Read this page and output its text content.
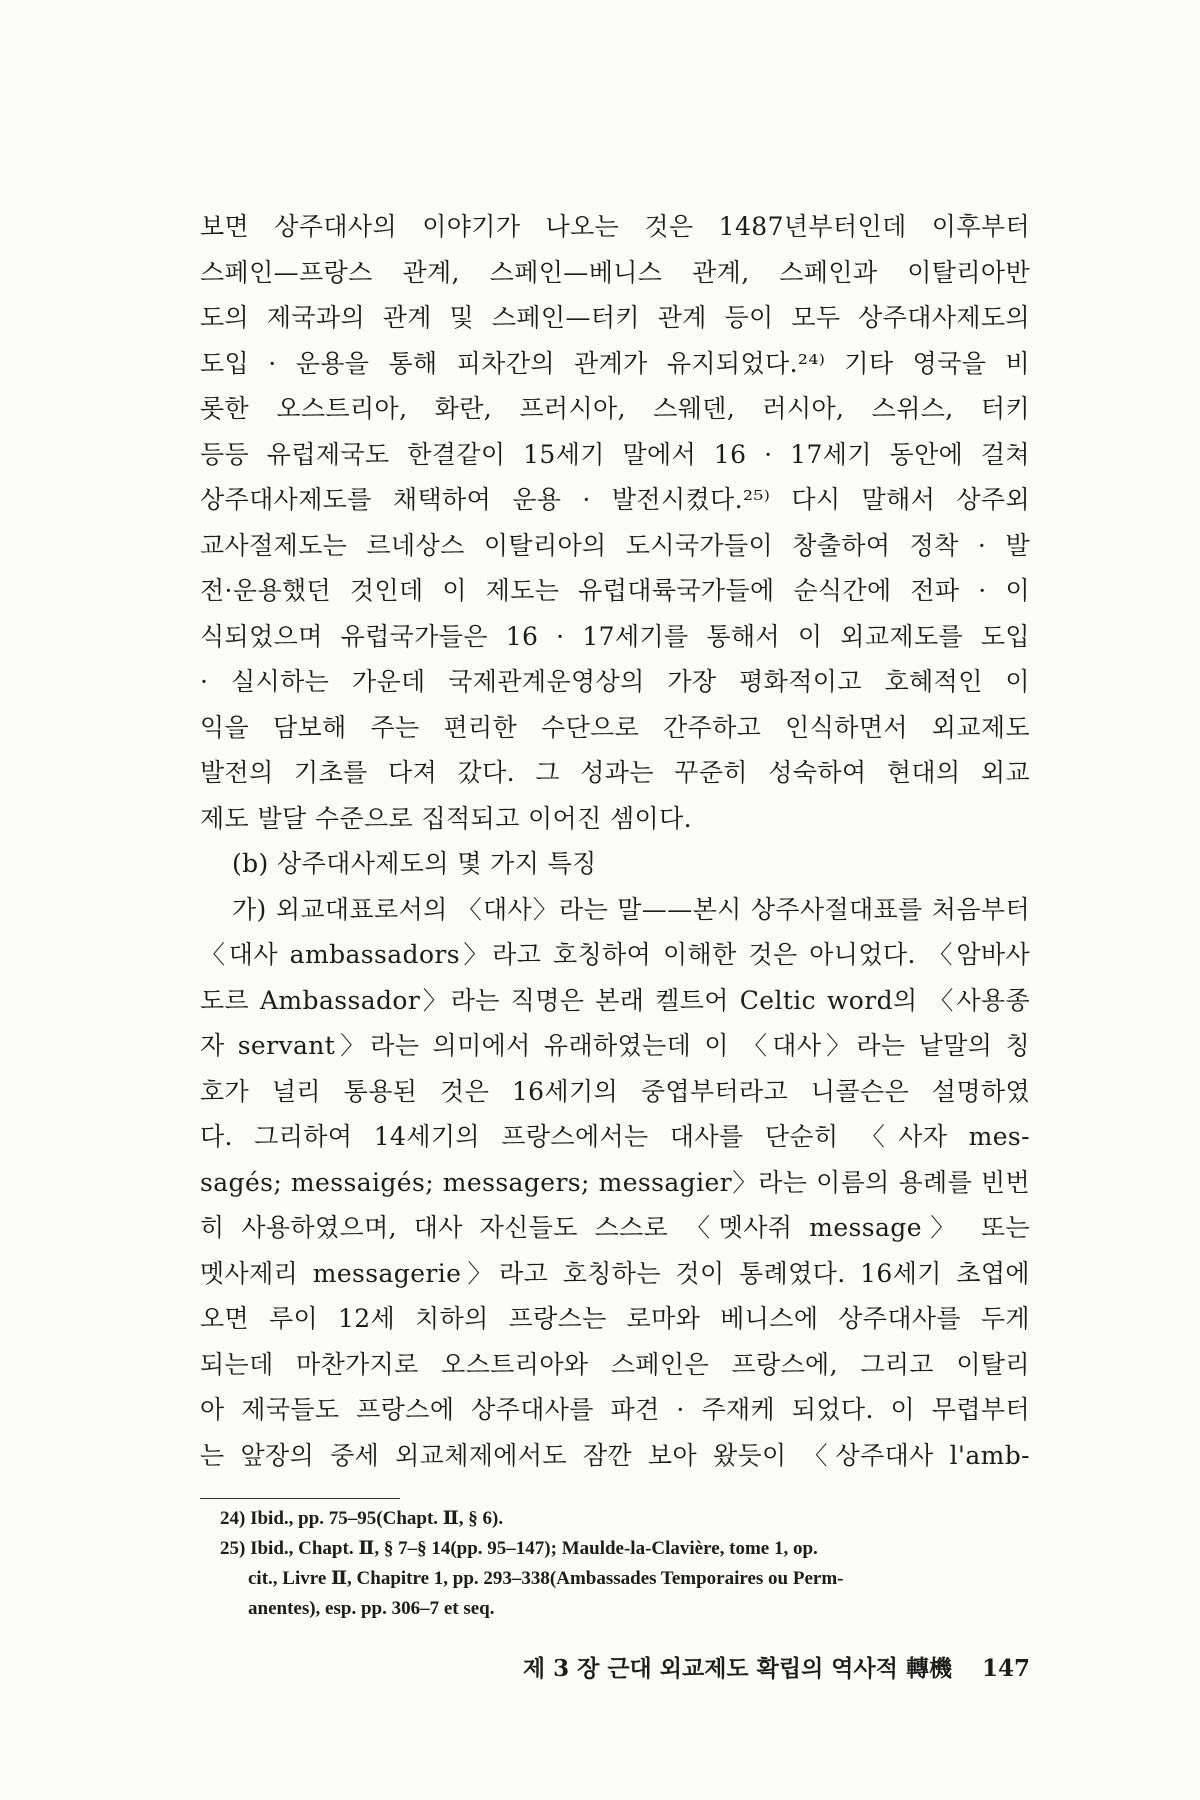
보면 상주대사의 이야기가 나오는 것은 1487년부터인데 이후부터
스페인—프랑스 관계, 스페인—베니스 관계, 스페인과 이탈리아반
도의 제국과의 관계 및 스페인—터키 관계 등이 모두 상주대사제도의
도입 · 운용을 통해 피차간의 관계가 유지되었다.²⁴⁾ 기타 영국을 비
롯한 오스트리아, 화란, 프러시아, 스웨덴, 러시아, 스위스, 터키
등등 유럽제국도 한결같이 15세기 말에서 16 · 17세기 동안에 걸쳐
상주대사제도를 채택하여 운용 · 발전시켰다.²⁵⁾ 다시 말해서 상주외
교사절제도는 르네상스 이탈리아의 도시국가들이 창출하여 정착 · 발
전·운용했던 것인데 이 제도는 유럽대륙국가들에 순식간에 전파 · 이
식되었으며 유럽국가들은 16 · 17세기를 통해서 이 외교제도를 도입
· 실시하는 가운데 국제관계운영상의 가장 평화적이고 호혜적인 이
익을 담보해 주는 편리한 수단으로 간주하고 인식하면서 외교제도
발전의 기초를 다져 갔다. 그 성과는 꾸준히 성숙하여 현대의 외교
제도 발달 수준으로 집적되고 이어진 셈이다.
(b) 상주대사제도의 몇 가지 특징
가) 외교대표로서의 〈대사〉라는 말——본시 상주사절대표를 처음부터
〈대사 ambassadors〉라고 호칭하여 이해한 것은 아니었다. 〈암바사
도르 Ambassador〉라는 직명은 본래 켈트어 Celtic word의 〈사용종
자 servant〉라는 의미에서 유래하였는데 이 〈대사〉라는 낱말의 칭
호가 널리 통용된 것은 16세기의 중엽부터라고 니콜슨은 설명하였
다. 그리하여 14세기의 프랑스에서는 대사를 단순히 〈사자 mes-
sagés; messaigés; messagers; messagier〉라는 이름의 용례를 빈번
히 사용하였으며, 대사 자신들도 스스로 〈멧사쥐 message〉 또는
멧사제리 messagerie〉라고 호칭하는 것이 통례였다. 16세기 초엽에
오면 루이 12세 치하의 프랑스는 로마와 베니스에 상주대사를 두게
되는데 마찬가지로 오스트리아와 스페인은 프랑스에, 그리고 이탈리
아 제국들도 프랑스에 상주대사를 파견 · 주재케 되었다. 이 무렵부터
는 앞장의 중세 외교체제에서도 잠깐 보아 왔듯이 〈상주대사 l'amb-
24) Ibid., pp. 75–95(Chapt. Ⅱ, § 6).
25) Ibid., Chapt. Ⅱ, § 7–§ 14(pp. 95–147); Maulde-la-Clavière, tome 1, op.
cit., Livre Ⅱ, Chapitre 1, pp. 293–338(Ambassades Temporaires ou Perm-
anentes), esp. pp. 306–7 et seq.
제 3 장 근대 외교제도 확립의 역사적 轉機 147
